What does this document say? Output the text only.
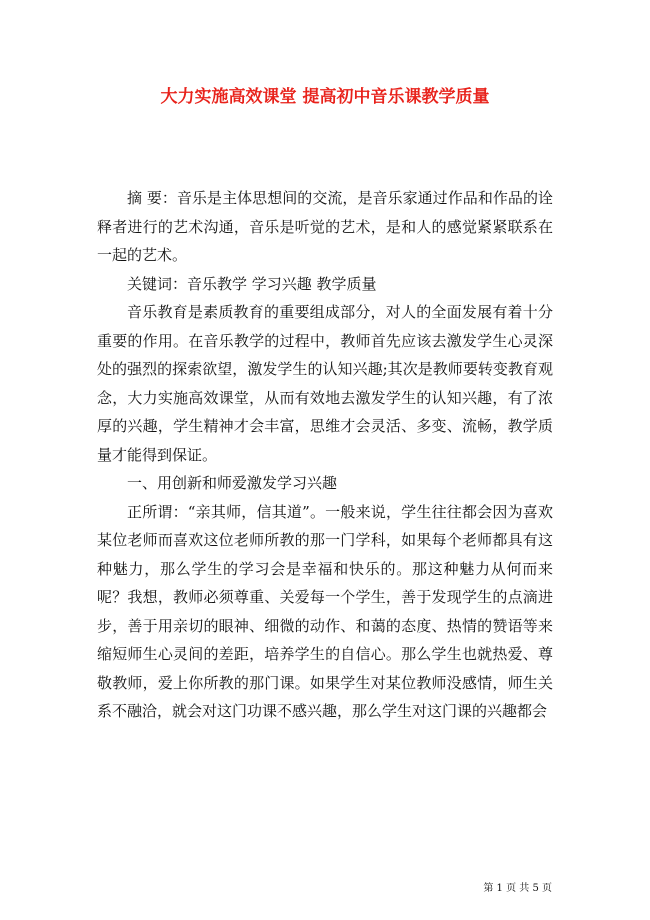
大力实施高效课堂 提高初中音乐课教学质量

摘 要：音乐是主体思想间的交流，是音乐家通过作品和作品的诠释者进行的艺术沟通，音乐是听觉的艺术，是和人的感觉紧紧联系在一起的艺术。

关键词：音乐教学 学习兴趣 教学质量

音乐教育是素质教育的重要组成部分，对人的全面发展有着十分重要的作用。在音乐教学的过程中，教师首先应该去激发学生心灵深处的强烈的探索欲望，激发学生的认知兴趣;其次是教师要转变教育观念，大力实施高效课堂，从而有效地去激发学生的认知兴趣，有了浓厚的兴趣，学生精神才会丰富，思维才会灵活、多变、流畅，教学质量才能得到保证。

一、用创新和师爱激发学习兴趣

正所谓：“亲其师，信其道”。一般来说，学生往往都会因为喜欢某位老师而喜欢这位老师所教的那一门学科，如果每个老师都具有这种魅力，那么学生的学习会是幸福和快乐的。那这种魅力从何而来呢？我想，教师必须尊重、关爱每一个学生，善于发现学生的点滴进步，善于用亲切的眼神、细微的动作、和蔼的态度、热情的赞语等来缩短师生心灵间的差距，培养学生的自信心。那么学生也就热爱、尊敬教师，爱上你所教的那门课。如果学生对某位教师没感情，师生关系不融洽，就会对这门功课不感兴趣，那么学生对这门课的兴趣都会

第 1 页 共 5 页
